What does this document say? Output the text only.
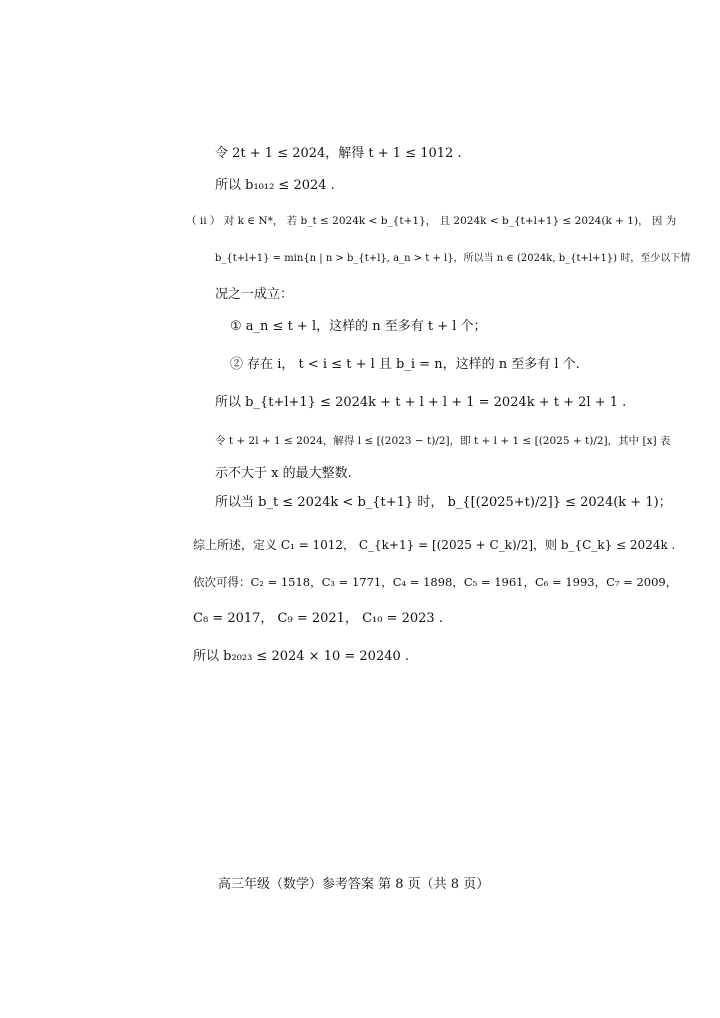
令 2t + 1 ≤ 2024，解得 t + 1 ≤ 1012 .
所以 b₁₀₁₂ ≤ 2024 .
（ ii ） 对 k ∈ N*， 若 b_t ≤ 2024k < b_{t+1}， 且 2024k < b_{t+l+1} ≤ 2024(k + 1)， 因 为
b_{t+l+1} = min{n | n > b_{t+l}, a_n > t + l}，所以当 n ∈ (2024k, b_{t+l+1}) 时，至少以下情
况之一成立：
① a_n ≤ t + l，这样的 n 至多有 t + l 个；
② 存在 i， t < i ≤ t + l 且 b_i = n，这样的 n 至多有 l 个.
所以 b_{t+l+1} ≤ 2024k + t + l + l + 1 = 2024k + t + 2l + 1 .
令 t + 2l + 1 ≤ 2024，解得 l ≤ [(2023 − t)/2]，即 t + l + 1 ≤ [(2025 + t)/2]，其中 [x] 表
示不大于 x 的最大整数.
所以当 b_t ≤ 2024k < b_{t+1} 时， b_{[(2025+t)/2]} ≤ 2024(k + 1)；
综上所述，定义 C₁ = 1012， C_{k+1} = [(2025 + C_k)/2]，则 b_{C_k} ≤ 2024k .
依次可得：C₂ = 1518，C₃ = 1771，C₄ = 1898，C₅ = 1961，C₆ = 1993，C₇ = 2009，
C₈ = 2017， C₉ = 2021， C₁₀ = 2023 .
所以 b₂₀₂₃ ≤ 2024 × 10 = 20240 .
高三年级（数学）参考答案 第 8 页（共 8 页）
